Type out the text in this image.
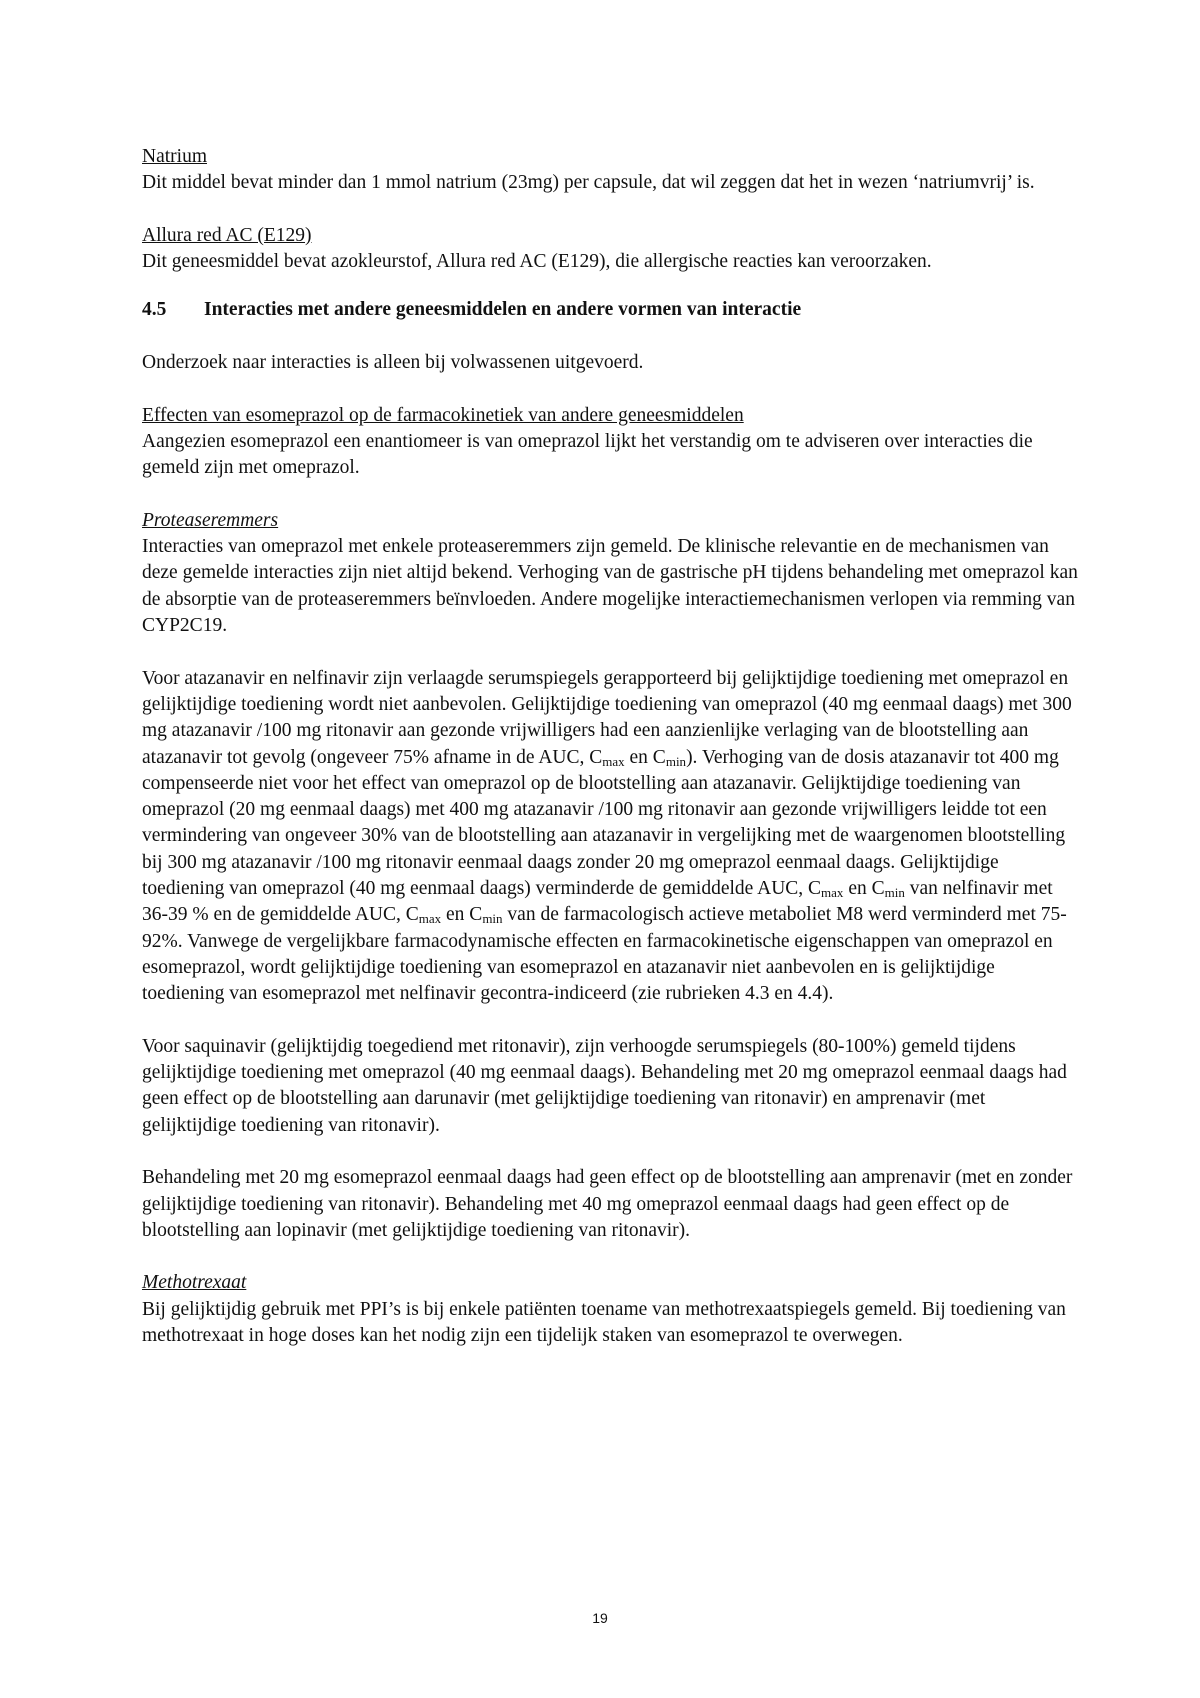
Natrium
Dit middel bevat minder dan 1 mmol natrium (23mg) per capsule, dat wil zeggen dat het in wezen ‘natriumvrij’ is.

Allura red AC (E129)
Dit geneesmiddel bevat azokleurstof, Allura red AC (E129), die allergische reacties kan veroorzaken.

4.5 Interacties met andere geneesmiddelen en andere vormen van interactie

Onderzoek naar interacties is alleen bij volwassenen uitgevoerd.

Effecten van esomeprazol op de farmacokinetiek van andere geneesmiddelen
Aangezien esomeprazol een enantiomeer is van omeprazol lijkt het verstandig om te adviseren over interacties die gemeld zijn met omeprazol.

Proteaseremmers
Interacties van omeprazol met enkele proteaseremmers zijn gemeld. De klinische relevantie en de mechanismen van deze gemelde interacties zijn niet altijd bekend. Verhoging van de gastrische pH tijdens behandeling met omeprazol kan de absorptie van de proteaseremmers beïnvloeden. Andere mogelijke interactiemechanismen verlopen via remming van CYP2C19.

Voor atazanavir en nelfinavir zijn verlaagde serumspiegels gerapporteerd bij gelijktijdige toediening met omeprazol en gelijktijdige toediening wordt niet aanbevolen. Gelijktijdige toediening van omeprazol (40 mg eenmaal daags) met 300 mg atazanavir /100 mg ritonavir aan gezonde vrijwilligers had een aanzienlijke verlaging van de blootstelling aan atazanavir tot gevolg (ongeveer 75% afname in de AUC, $C_{max}$ en $C_{min}$). Verhoging van de dosis atazanavir tot 400 mg compenseerde niet voor het effect van omeprazol op de blootstelling aan atazanavir. Gelijktijdige toediening van omeprazol (20 mg eenmaal daags) met 400 mg atazanavir /100 mg ritonavir aan gezonde vrijwilligers leidde tot een vermindering van ongeveer 30% van de blootstelling aan atazanavir in vergelijking met de waargenomen blootstelling bij 300 mg atazanavir /100 mg ritonavir eenmaal daags zonder 20 mg omeprazol eenmaal daags. Gelijktijdige toediening van omeprazol (40 mg eenmaal daags) verminderde de gemiddelde AUC, $C_{max}$ en $C_{min}$ van nelfinavir met 36-39 % en de gemiddelde AUC, $C_{max}$ en $C_{min}$ van de farmacologisch actieve metaboliet M8 werd verminderd met 75-92%. Vanwege de vergelijkbare farmacodynamische effecten en farmacokinetische eigenschappen van omeprazol en esomeprazol, wordt gelijktijdige toediening van esomeprazol en atazanavir niet aanbevolen en is gelijktijdige toediening van esomeprazol met nelfinavir gecontra-indiceerd (zie rubrieken 4.3 en 4.4).

Voor saquinavir (gelijktijdig toegediend met ritonavir), zijn verhoogde serumspiegels (80-100%) gemeld tijdens gelijktijdige toediening met omeprazol (40 mg eenmaal daags). Behandeling met 20 mg omeprazol eenmaal daags had geen effect op de blootstelling aan darunavir (met gelijktijdige toediening van ritonavir) en amprenavir (met gelijktijdige toediening van ritonavir).

Behandeling met 20 mg esomeprazol eenmaal daags had geen effect op de blootstelling aan amprenavir (met en zonder gelijktijdige toediening van ritonavir). Behandeling met 40 mg omeprazol eenmaal daags had geen effect op de blootstelling aan lopinavir (met gelijktijdige toediening van ritonavir).

Methotrexaat
Bij gelijktijdig gebruik met PPI’s is bij enkele patiënten toename van methotrexaatspiegels gemeld. Bij toediening van methotrexaat in hoge doses kan het nodig zijn een tijdelijk staken van esomeprazol te overwegen.

19
